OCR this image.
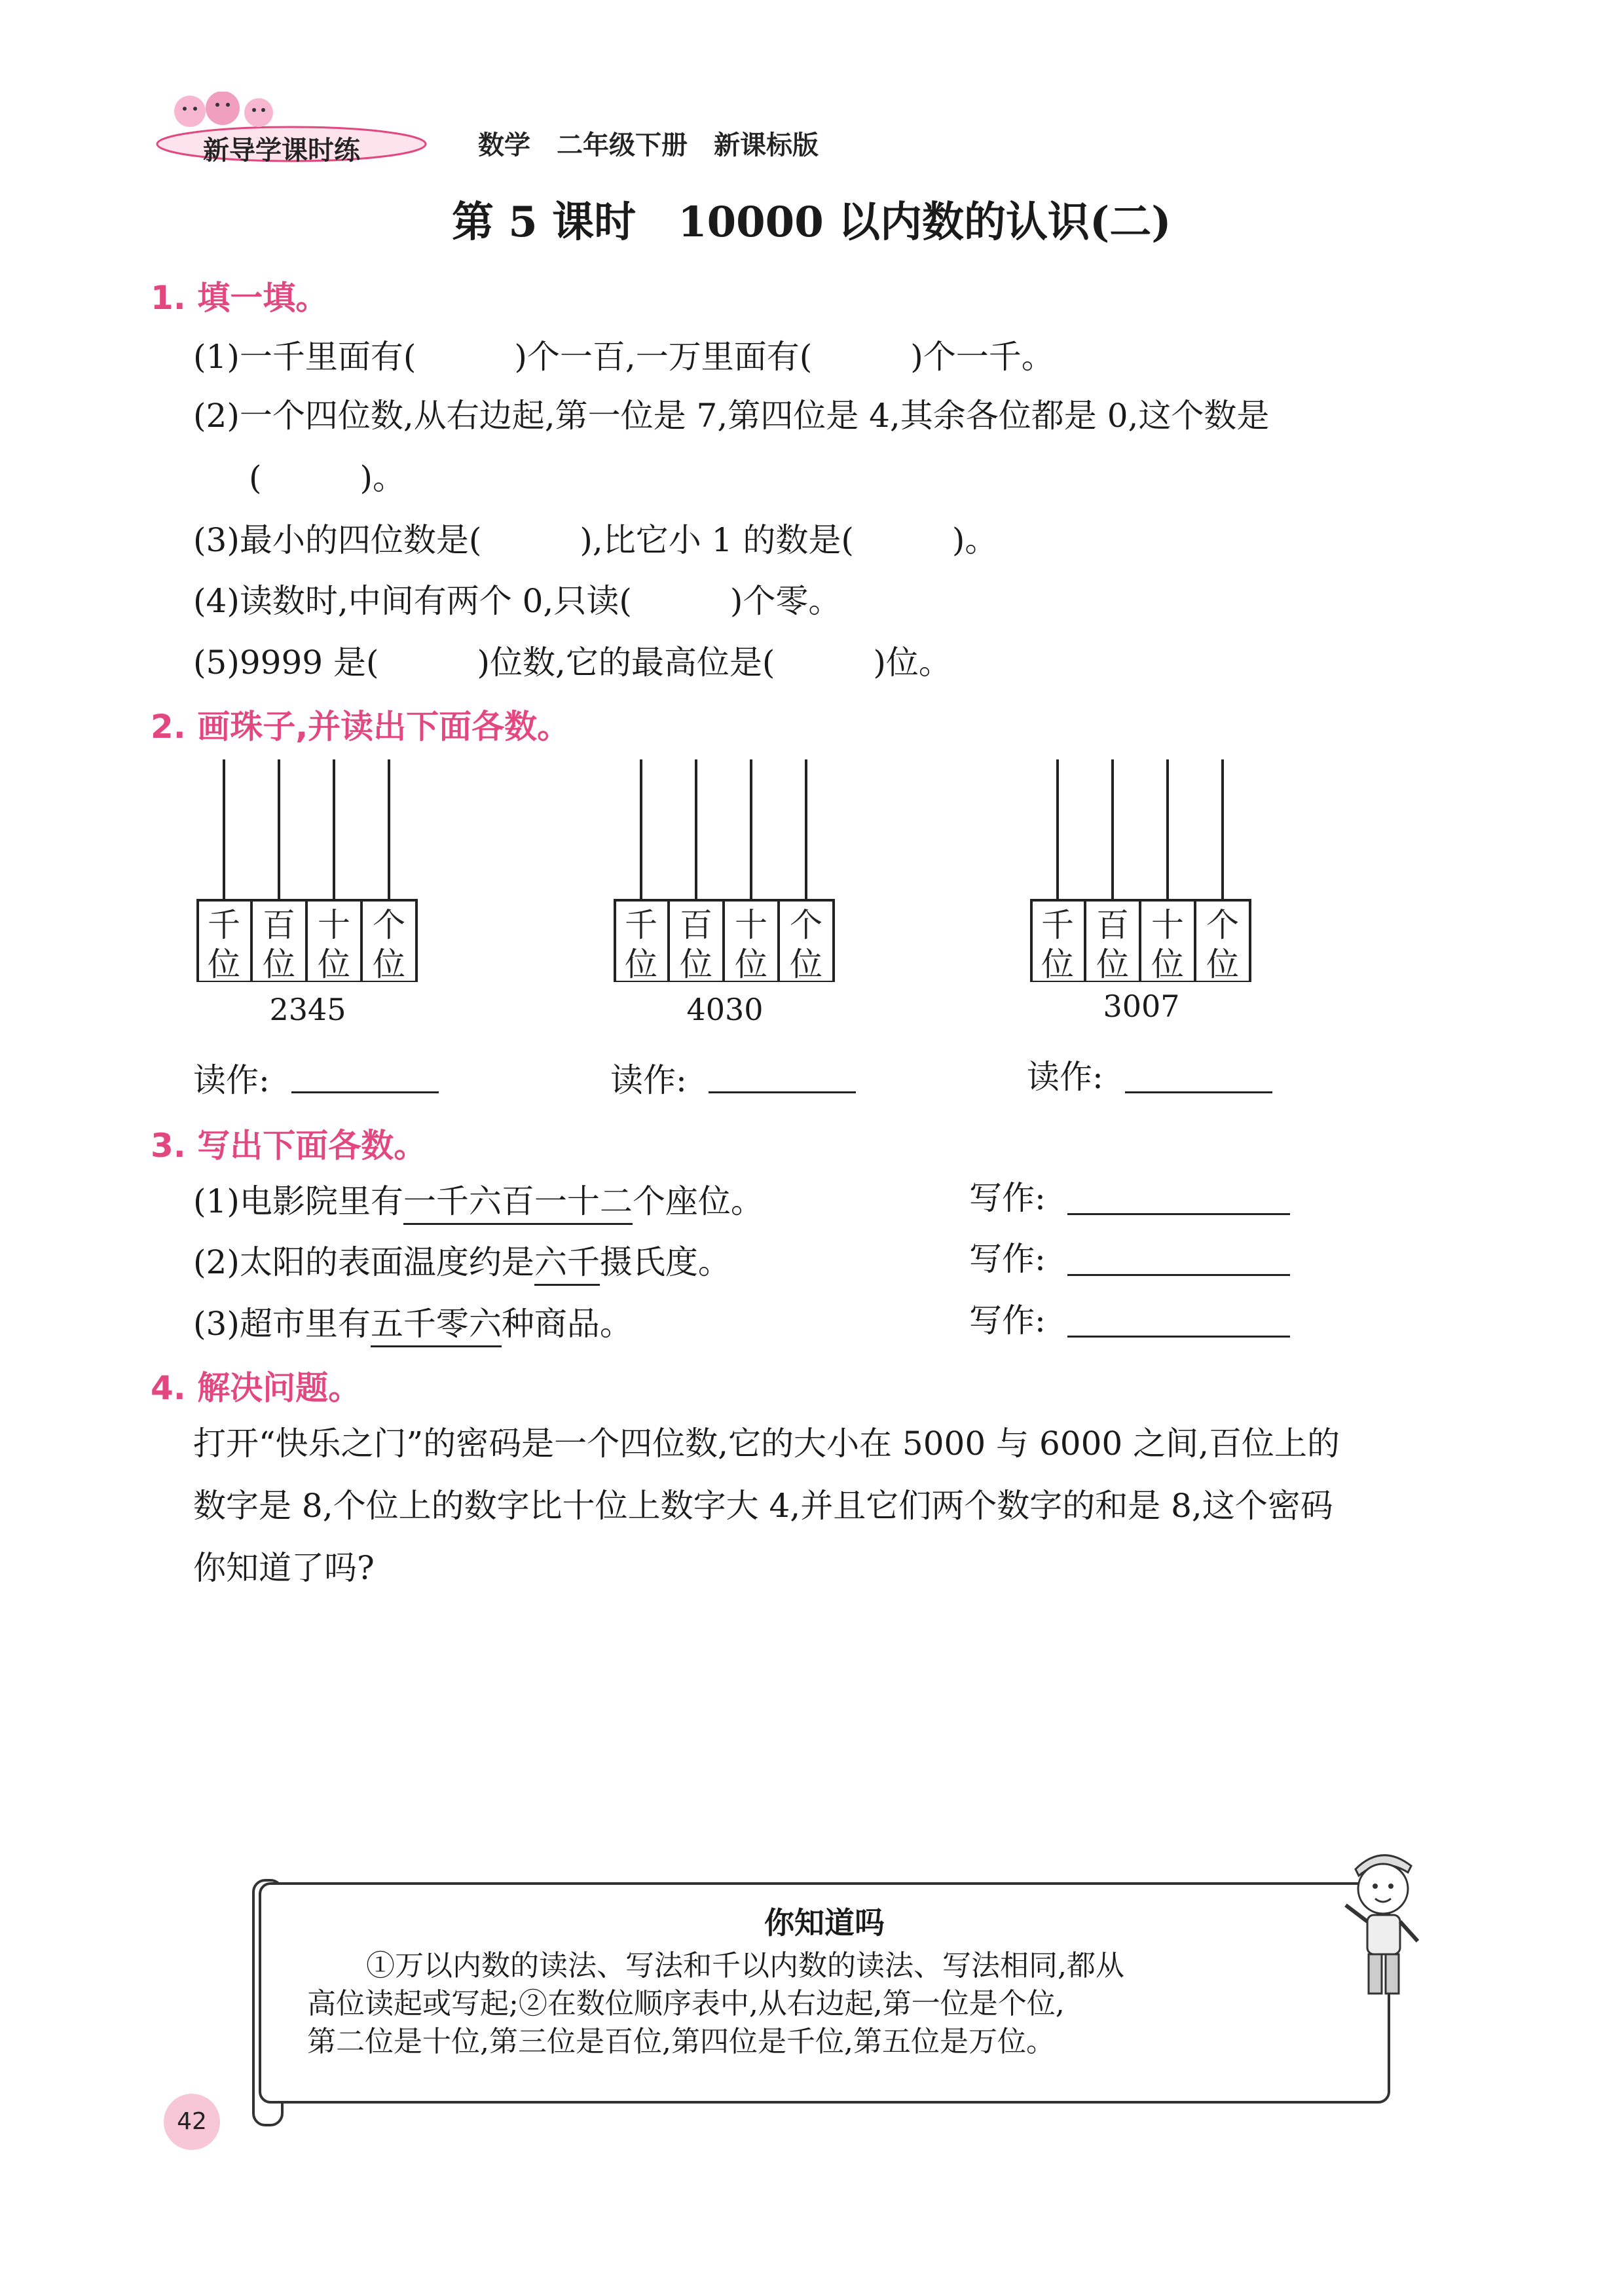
新导学课时练	数学　二年级下册　新课标版
第 5 课时　10000 以内数的认识(二)
1. 填一填。
(1)一千里面有(　　　)个一百,一万里面有(　　　)个一千。
(2)一个四位数,从右边起,第一位是 7,第四位是 4,其余各位都是 0,这个数是
(　　　)。
(3)最小的四位数是(　　　),比它小 1 的数是(　　　)。
(4)读数时,中间有两个 0,只读(　　　)个零。
(5)9999 是(　　　)位数,它的最高位是(　　　)位。
2. 画珠子,并读出下面各数。
千
位
百
位
十
位
个
位
2345
读作:
千
位
百
位
十
位
个
位
4030
读作:
千
位
百
位
十
位
个
位
3007
读作:
3. 写出下面各数。
(1)电影院里有一千六百一十二个座位。	写作:
(2)太阳的表面温度约是六千摄氏度。	写作:
(3)超市里有五千零六种商品。	写作:
4. 解决问题。
打开“快乐之门”的密码是一个四位数,它的大小在 5000 与 6000 之间,百位上的
数字是 8,个位上的数字比十位上数字大 4,并且它们两个数字的和是 8,这个密码
你知道了吗?
你知道吗
①万以内数的读法、写法和千以内数的读法、写法相同,都从
高位读起或写起;②在数位顺序表中,从右边起,第一位是个位,
第二位是十位,第三位是百位,第四位是千位,第五位是万位。
42
